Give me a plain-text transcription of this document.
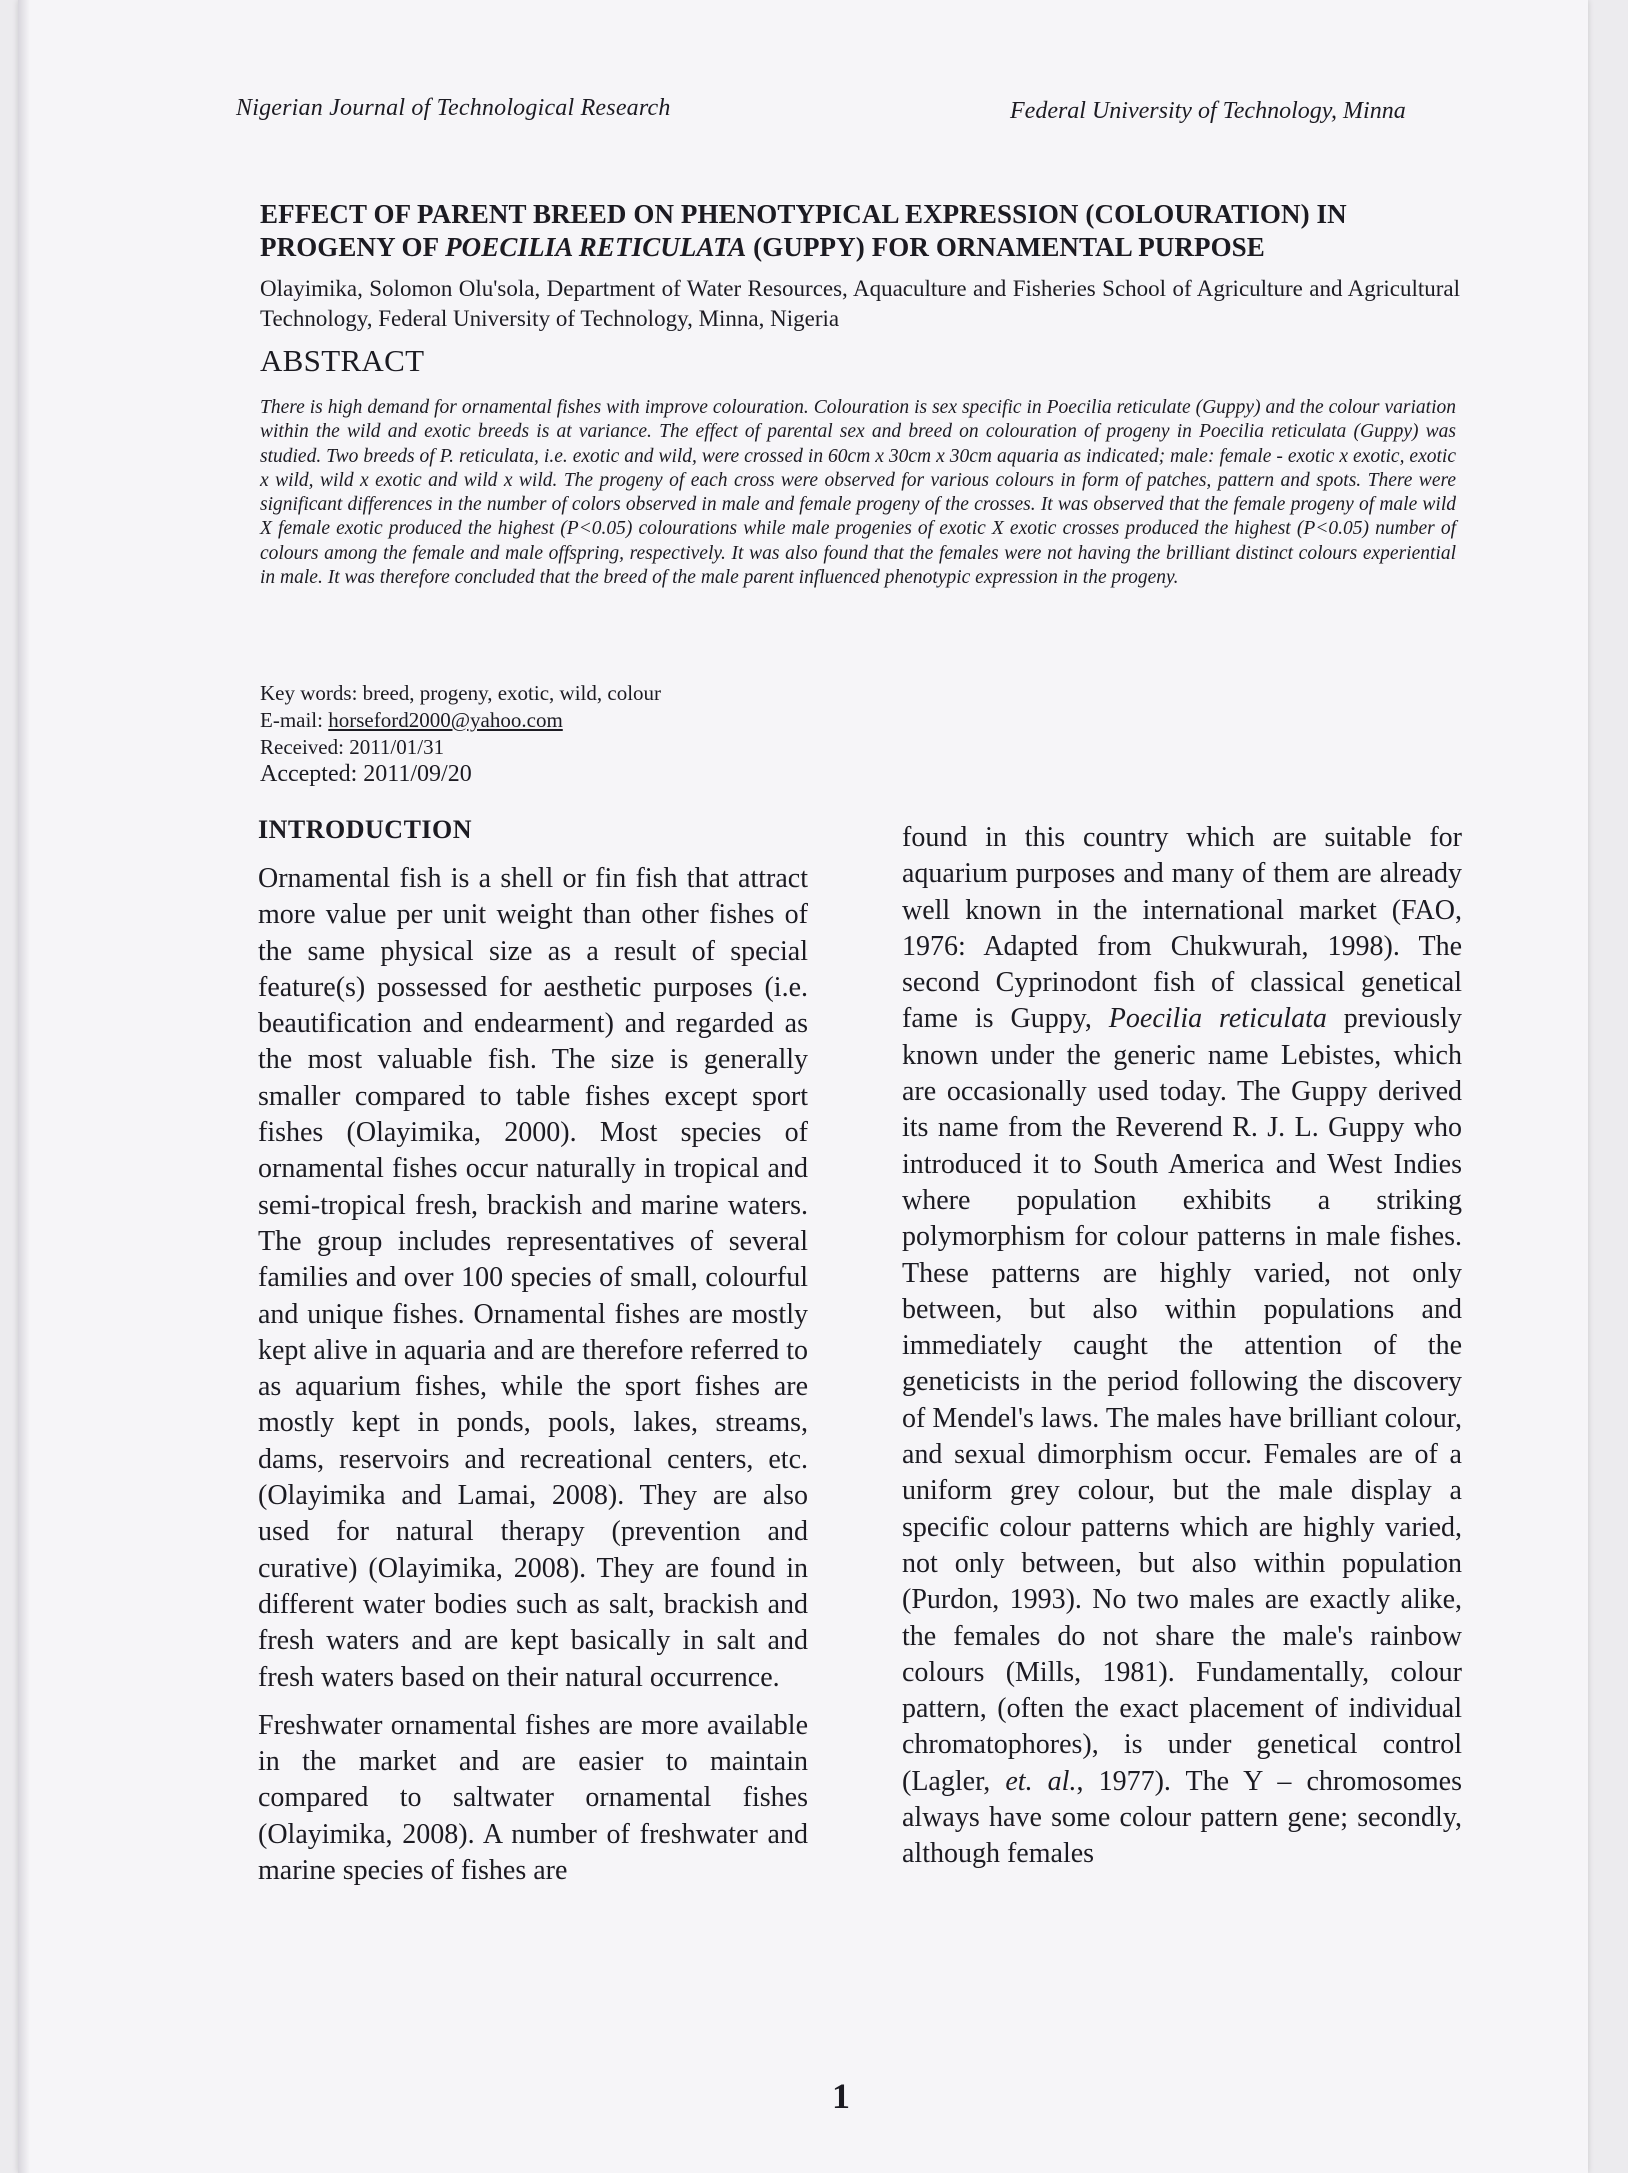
Nigerian Journal of Technological Research	Federal University of Technology, Minna
EFFECT OF PARENT BREED ON PHENOTYPICAL EXPRESSION (COLOURATION) IN PROGENY OF POECILIA RETICULATA (GUPPY) FOR ORNAMENTAL PURPOSE
Olayimika, Solomon Olu'sola, Department of Water Resources, Aquaculture and Fisheries School of Agriculture and Agricultural Technology, Federal University of Technology, Minna, Nigeria
ABSTRACT
There is high demand for ornamental fishes with improve colouration. Colouration is sex specific in Poecilia reticulate (Guppy) and the colour variation within the wild and exotic breeds is at variance. The effect of parental sex and breed on colouration of progeny in Poecilia reticulata (Guppy) was studied. Two breeds of P. reticulata, i.e. exotic and wild, were crossed in 60cm x 30cm x 30cm aquaria as indicated; male: female - exotic x exotic, exotic x wild, wild x exotic and wild x wild. The progeny of each cross were observed for various colours in form of patches, pattern and spots. There were significant differences in the number of colors observed in male and female progeny of the crosses. It was observed that the female progeny of male wild X female exotic produced the highest (P<0.05) colourations while male progenies of exotic X exotic crosses produced the highest (P<0.05) number of colours among the female and male offspring, respectively. It was also found that the females were not having the brilliant distinct colours experiential in male. It was therefore concluded that the breed of the male parent influenced phenotypic expression in the progeny.
Key words: breed, progeny, exotic, wild, colour
E-mail: horseford2000@yahoo.com
Received: 2011/01/31
Accepted: 2011/09/20
INTRODUCTION

Ornamental fish is a shell or fin fish that attract more value per unit weight than other fishes of the same physical size as a result of special feature(s) possessed for aesthetic purposes (i.e. beautification and endearment) and regarded as the most valuable fish. The size is generally smaller compared to table fishes except sport fishes (Olayimika, 2000). Most species of ornamental fishes occur naturally in tropical and semi-tropical fresh, brackish and marine waters. The group includes representatives of several families and over 100 species of small, colourful and unique fishes. Ornamental fishes are mostly kept alive in aquaria and are therefore referred to as aquarium fishes, while the sport fishes are mostly kept in ponds, pools, lakes, streams, dams, reservoirs and recreational centers, etc. (Olayimika and Lamai, 2008). They are also used for natural therapy (prevention and curative) (Olayimika, 2008). They are found in different water bodies such as salt, brackish and fresh waters and are kept basically in salt and fresh waters based on their natural occurrence.

Freshwater ornamental fishes are more available in the market and are easier to maintain compared to saltwater ornamental fishes (Olayimika, 2008). A number of freshwater and marine species of fishes are

found in this country which are suitable for aquarium purposes and many of them are already well known in the international market (FAO, 1976: Adapted from Chukwurah, 1998). The second Cyprinodont fish of classical genetical fame is Guppy, Poecilia reticulata previously known under the generic name Lebistes, which are occasionally used today. The Guppy derived its name from the Reverend R. J. L. Guppy who introduced it to South America and West Indies where population exhibits a striking polymorphism for colour patterns in male fishes. These patterns are highly varied, not only between, but also within populations and immediately caught the attention of the geneticists in the period following the discovery of Mendel's laws. The males have brilliant colour, and sexual dimorphism occur. Females are of a uniform grey colour, but the male display a specific colour patterns which are highly varied, not only between, but also within population (Purdon, 1993). No two males are exactly alike, the females do not share the male's rainbow colours (Mills, 1981). Fundamentally, colour pattern, (often the exact placement of individual chromatophores), is under genetical control (Lagler, et. al., 1977). The Y – chromosomes always have some colour pattern gene; secondly, although females

1
